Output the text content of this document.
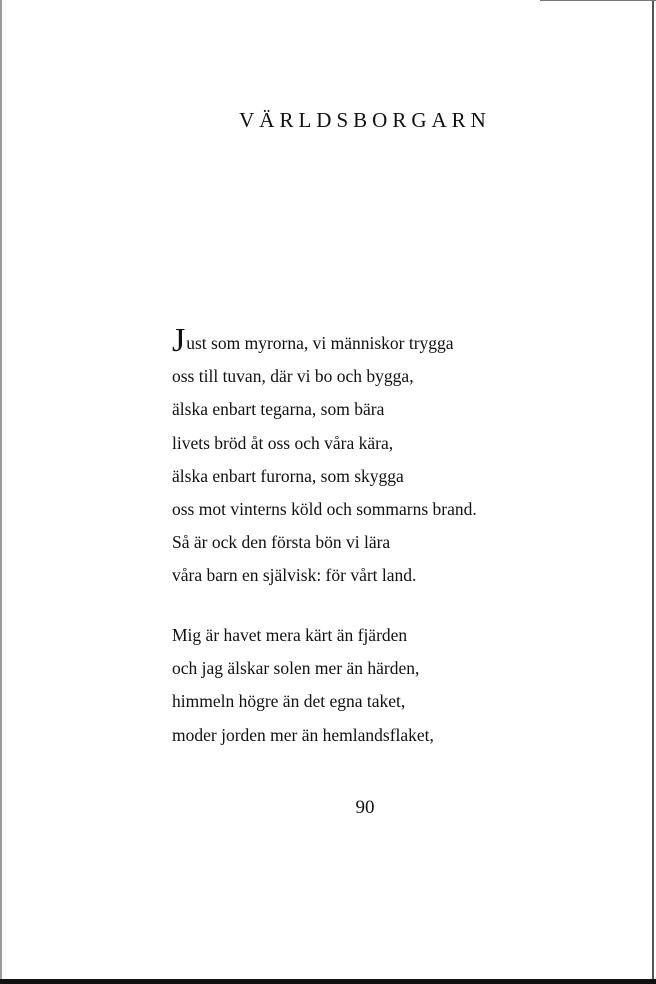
VÄRLDSBORGARN
Just som myrorna, vi människor trygga
oss till tuvan, där vi bo och bygga,
älska enbart tegarna, som bära
livets bröd åt oss och våra kära,
älska enbart furorna, som skygga
oss mot vinterns köld och sommarns brand.
Så är ock den första bön vi lära
våra barn en självisk: för vårt land.
Mig är havet mera kärt än fjärden
och jag älskar solen mer än härden,
himmeln högre än det egna taket,
moder jorden mer än hemlandsflaket,
90
